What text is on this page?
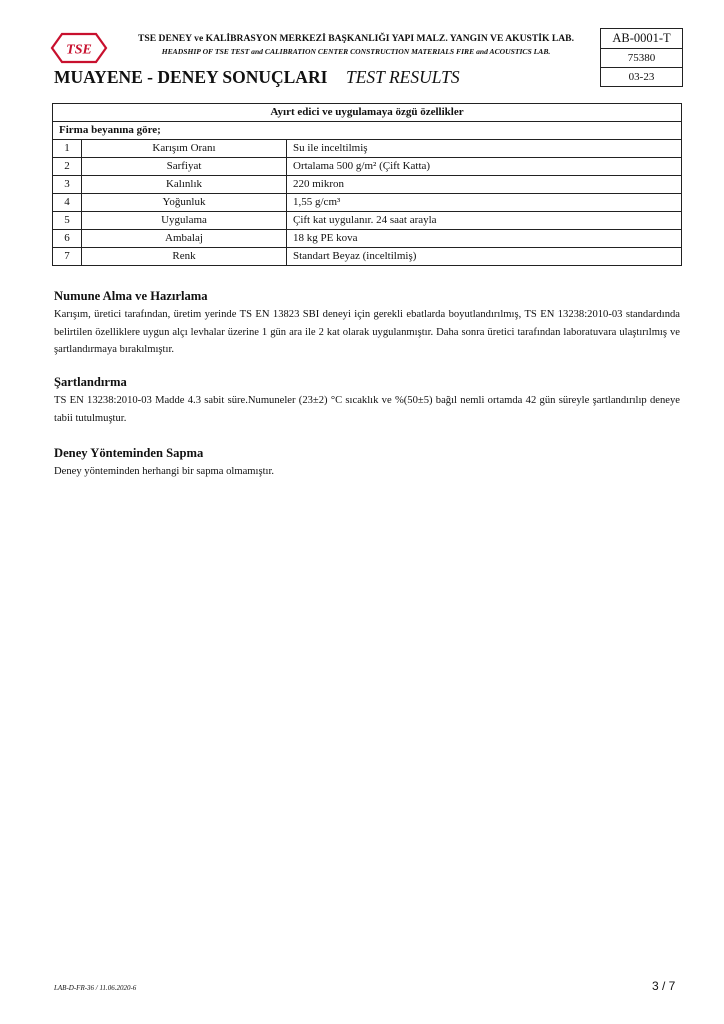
TSE
TSE DENEY ve KALİBRASYON MERKEZİ BAŞKANLIĞI YAPI MALZ. YANGIN VE AKUSTİK LAB.
HEADSHIP OF TSE TEST and CALIBRATION CENTER CONSTRUCTION MATERIALS FIRE and ACOUSTICS LAB.
MUAYENE - DENEY SONUÇLARI TEST RESULTS
AB-0001-T
75380
03-23
Ayırt edici ve uygulamaya özgü özellikler		
Firma beyanına göre;		
1	Karışım Oranı	Su ile inceltilmiş
2	Sarfiyat	Ortalama 500 g/m² (Çift Katta)
3	Kalınlık	220 mikron
4	Yoğunluk	1,55 g/cm³
5	Uygulama	Çift kat uygulanır. 24 saat arayla
6	Ambalaj	18 kg PE kova
7	Renk	Standart Beyaz (inceltilmiş)
Numune Alma ve Hazırlama
Karışım, üretici tarafından, üretim yerinde TS EN 13823 SBI deneyi için gerekli ebatlarda boyutlandırılmış, TS EN 13238:2010-03 standardında belirtilen özelliklere uygun alçı levhalar üzerine 1 gün ara ile 2 kat olarak uygulanmıştır. Daha sonra üretici tarafından laboratuvara ulaştırılmış ve şartlandırmaya bırakılmıştır.
Şartlandırma
TS EN 13238:2010-03 Madde 4.3 sabit süre.Numuneler (23±2) °C sıcaklık ve %(50±5) bağıl nemli ortamda 42 gün süreyle şartlandırılıp deneye tabii tutulmuştur.
Deney Yönteminden Sapma
Deney yönteminden herhangi bir sapma olmamıştır.
LAB-D-FR-36 / 11.06.2020-6	3 / 7
